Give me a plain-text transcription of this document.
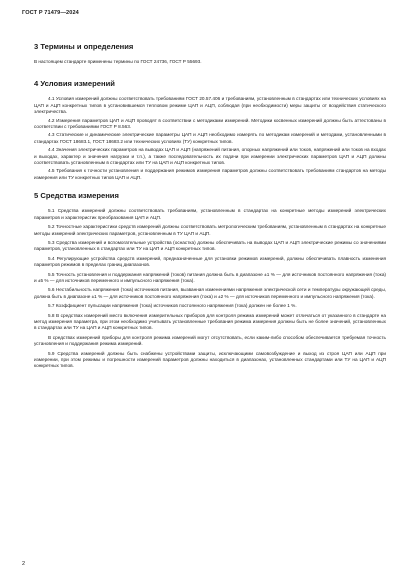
ГОСТ Р 71479—2024
3 Термины и определения

В настоящем стандарте применены термины по ГОСТ 24736, ГОСТ Р 55693.

4 Условия измерений

4.1 Условия измерений должны соответствовать требованиям ГОСТ 20.57.406 и требованиям, установленным в стандартах или технических условиях на ЦАП и АЦП конкретных типов в установившемся тепловом режиме ЦАП и АЦП, соблюдая (при необходимости) меры защиты от воздействия статического электричества.

4.2 Измерения параметров ЦАП и АЦП проводят в соответствии с методиками измерений. Методики косвенных измерений должны быть аттестованы в соответствии с требованиями ГОСТ Р 8.563.

4.3 Статические и динамические электрические параметры ЦАП и АЦП необходимо измерять по методикам измерений и методами, установленными в стандартах ГОСТ 18683.1, ГОСТ 18683.2 или технических условиях (ТУ) конкретных типов.

4.4 Значения электрических параметров на выводах ЦАП и АЦП (напряжений питания, опорных напряжений или токов, напряжений или токов на входах и выходах, характер и значения нагрузки и т.п.), а также последовательность их подачи при измерении электрических параметров ЦАП и АЦП должны соответствовать установленным в стандартах или ТУ на ЦАП и АЦП конкретных типов.

4.5 Требования к точности установления и поддержания режимов измерения параметров должны соответствовать требованиям стандартов на методы измерения или ТУ конкретных типов ЦАП и АЦП.

5 Средства измерения

5.1 Средства измерений должны соответствовать требованиям, установленным в стандартах на конкретные методы измерений электрических параметров и характеристик преобразования ЦАП и АЦП.

5.2 Точностные характеристики средств измерений должны соответствовать метрологическим требованиям, установленным в стандартах на конкретные методы измерений электрических параметров, установленным в ТУ ЦАП и АЦП.

5.3 Средства измерений и вспомогательные устройства (оснастка) должны обеспечивать на выводах ЦАП и АЦП электрические режимы со значениями параметров, установленных в стандартах или ТУ на ЦАП и АЦП конкретных типов.

5.4 Регулирующие устройства средств измерений, предназначенные для установки режимов измерений, должны обеспечивать плавность изменения параметров режимов в пределах границ диапазонов.

5.5 Точность установления и поддержания напряжений (токов) питания должна быть в диапазоне ±1 % — для источников постоянного напряжения (тока) и ±5 % — для источников переменного и импульсного напряжения (тока).

5.6 Нестабильность напряжения (тока) источников питания, вызванная изменениями напряжения электрической сети и температуры окружающей среды, должна быть в диапазоне ±1 % — для источников постоянного напряжения (тока) и ±2 % — для источников переменного и импульсного напряжения (тока).

5.7 Коэффициент пульсации напряжения (тока) источников постоянного напряжения (тока) должен не более 1 %.

5.8 В средствах измерений место включения измерительных приборов для контроля режима измерений может отличаться от указанного в стандарте на метод измерения параметра, при этом необходимо учитывать установленные требования режима измерения должны быть не более значений, установленных в стандартах или ТУ на ЦАП и АЦП конкретных типов.

В средствах измерений приборы для контроля режима измерений могут отсутствовать, если каким-либо способом обеспечивается требуемая точность установления и поддержания режима измерений.

5.9 Средства измерений должны быть снабжены устройствами защиты, исключающими самовозбуждение и выход из строя ЦАП или АЦП при измерении, при этом режимы и погрешности измерений параметров должны находиться в диапазонах, установленных стандартами или ТУ на ЦАП и АЦП конкретных типов.

2
